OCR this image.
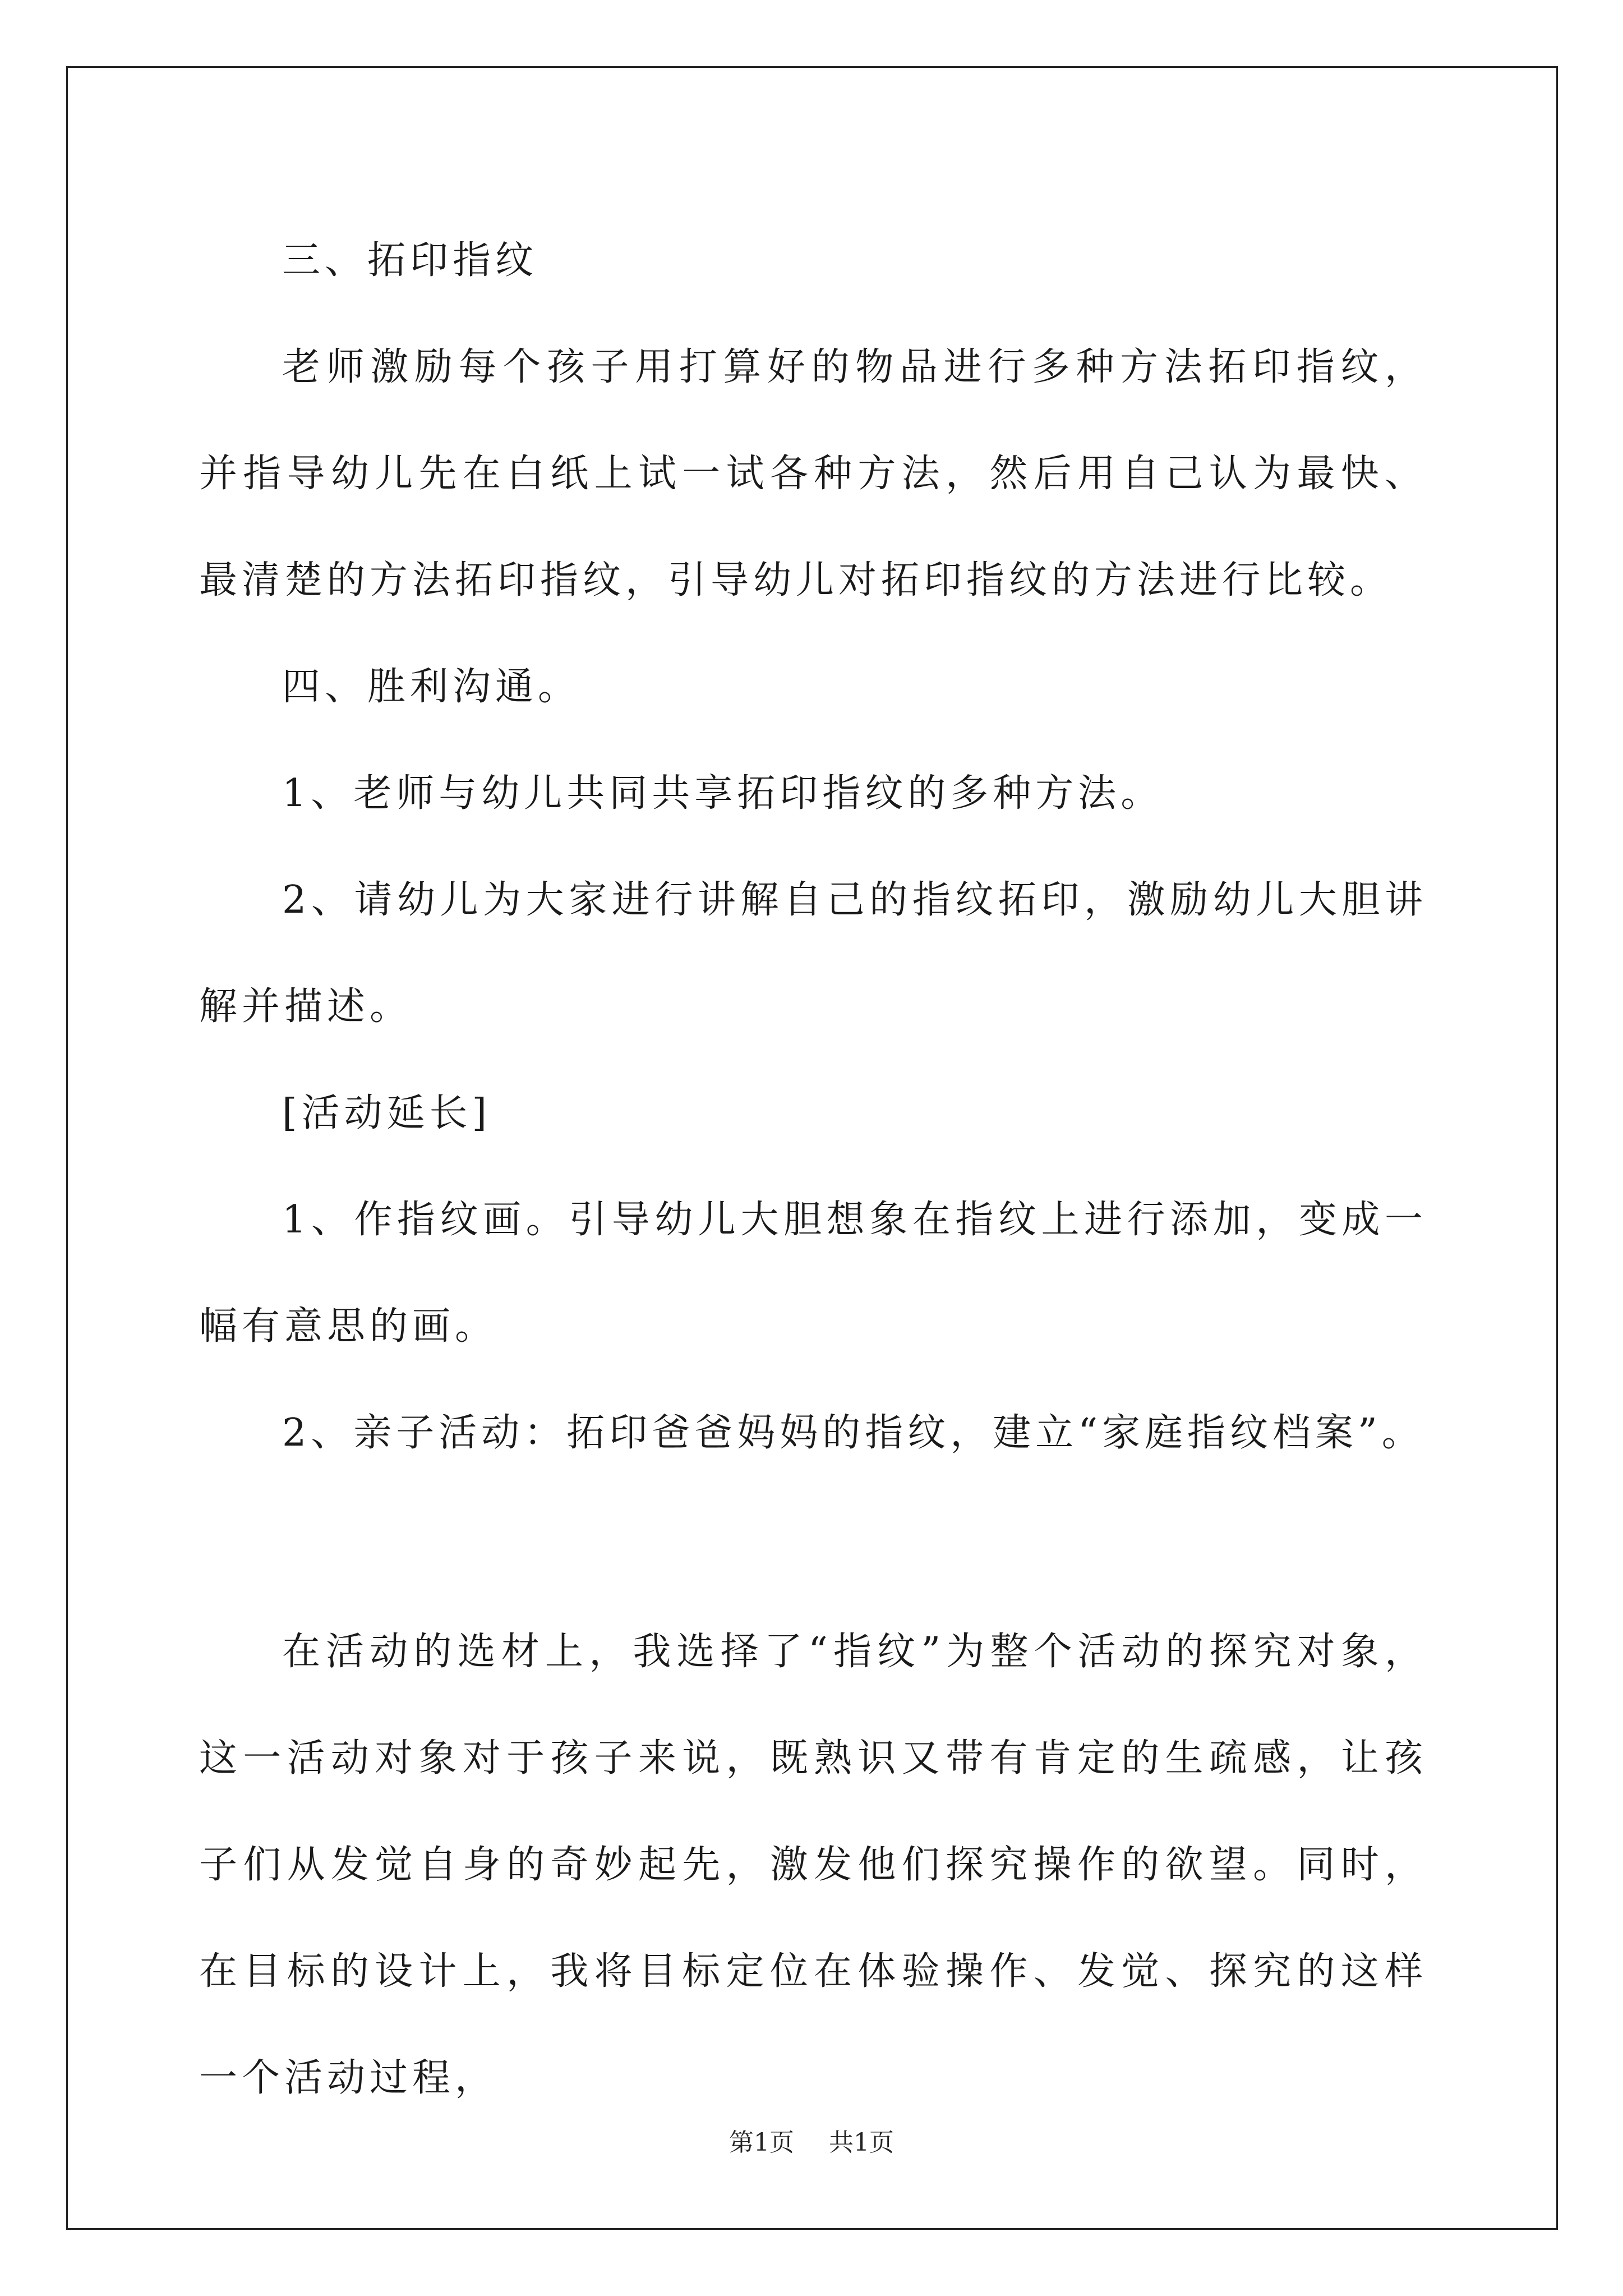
三、拓印指纹

老师激励每个孩子用打算好的物品进行多种方法拓印指纹，并指导幼儿先在白纸上试一试各种方法，然后用自己认为最快、最清楚的方法拓印指纹，引导幼儿对拓印指纹的方法进行比较。

四、胜利沟通。

1、老师与幼儿共同共享拓印指纹的多种方法。

2、请幼儿为大家进行讲解自己的指纹拓印，激励幼儿大胆讲解并描述。

[活动延长]

1、作指纹画。引导幼儿大胆想象在指纹上进行添加，变成一幅有意思的画。

2、亲子活动：拓印爸爸妈妈的指纹，建立“家庭指纹档案”。

在活动的选材上，我选择了“指纹”为整个活动的探究对象，这一活动对象对于孩子来说，既熟识又带有肯定的生疏感，让孩子们从发觉自身的奇妙起先，激发他们探究操作的欲望。同时，在目标的设计上，我将目标定位在体验操作、发觉、探究的这样一个活动过程，

第1页 共1页
